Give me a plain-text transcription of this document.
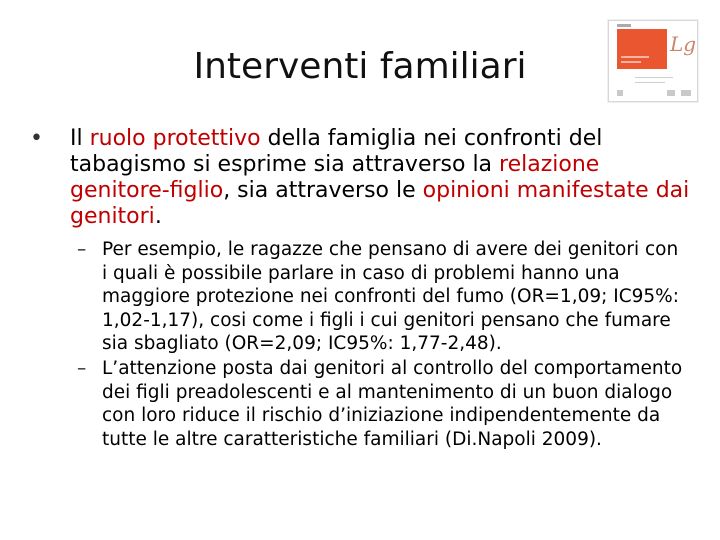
Interventi familiari
Lg
•	Il ruolo protettivo della famiglia nei confronti del tabagismo si esprime sia attraverso la relazione genitore-figlio, sia attraverso le opinioni manifestate dai genitori.
– Per esempio, le ragazze che pensano di avere dei genitori con i quali è possibile parlare in caso di problemi hanno una maggiore protezione nei confronti del fumo (OR=1,09; IC95%: 1,02-1,17), cosi come i figli i cui genitori pensano che fumare sia sbagliato (OR=2,09; IC95%: 1,77-2,48).
– L’attenzione posta dai genitori al controllo del comportamento dei figli preadolescenti e al mantenimento di un buon dialogo con loro riduce il rischio d’iniziazione indipendentemente da tutte le altre caratteristiche familiari (Di.Napoli 2009).
